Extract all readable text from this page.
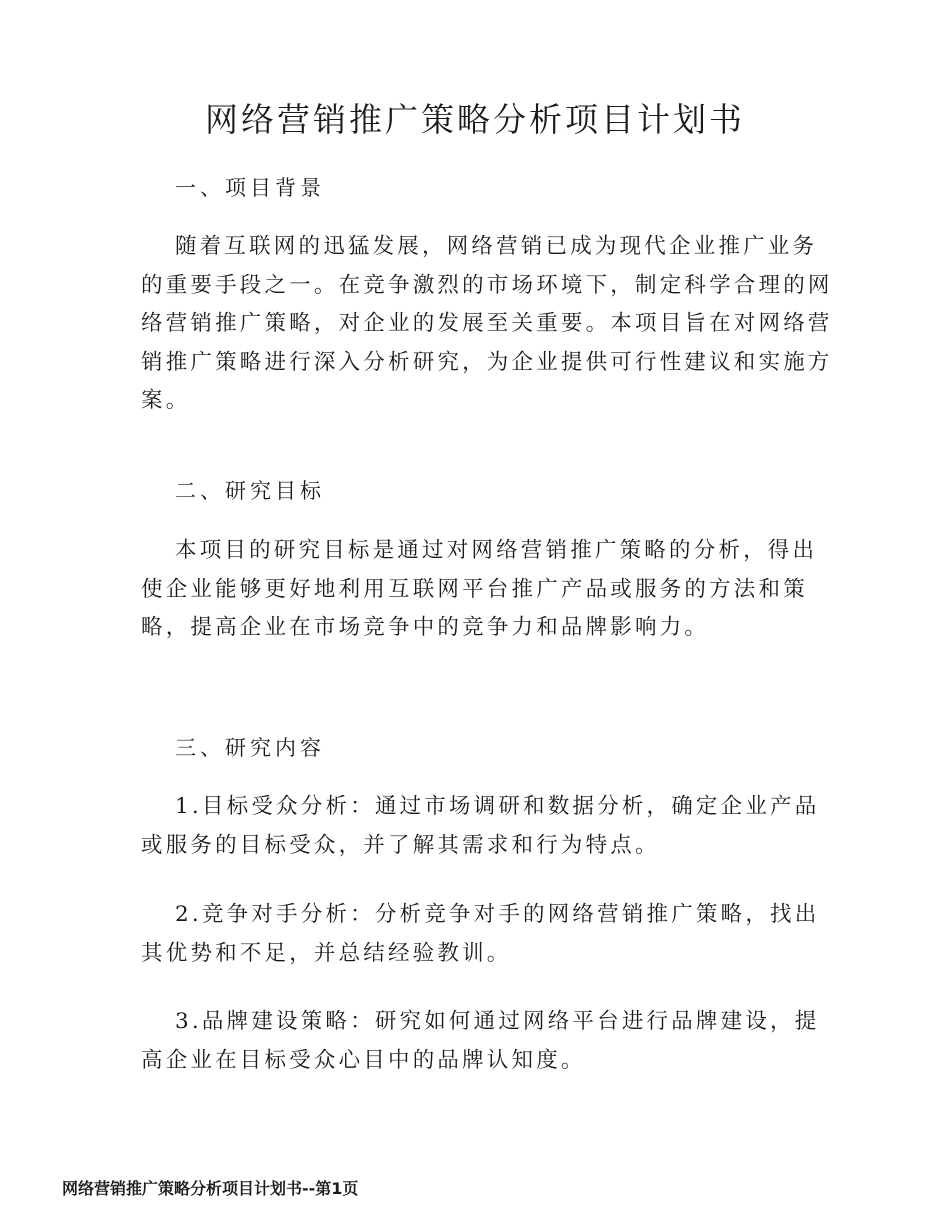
网络营销推广策略分析项目计划书
一、项目背景

随着互联网的迅猛发展，网络营销已成为现代企业推广业务的重要手段之一。在竞争激烈的市场环境下，制定科学合理的网络营销推广策略，对企业的发展至关重要。本项目旨在对网络营销推广策略进行深入分析研究，为企业提供可行性建议和实施方案。

二、研究目标

本项目的研究目标是通过对网络营销推广策略的分析，得出使企业能够更好地利用互联网平台推广产品或服务的方法和策略，提高企业在市场竞争中的竞争力和品牌影响力。

三、研究内容

1.目标受众分析：通过市场调研和数据分析，确定企业产品或服务的目标受众，并了解其需求和行为特点。

2.竞争对手分析：分析竞争对手的网络营销推广策略，找出其优势和不足，并总结经验教训。

3.品牌建设策略：研究如何通过网络平台进行品牌建设，提高企业在目标受众心目中的品牌认知度。

网络营销推广策略分析项目计划书--第1页
